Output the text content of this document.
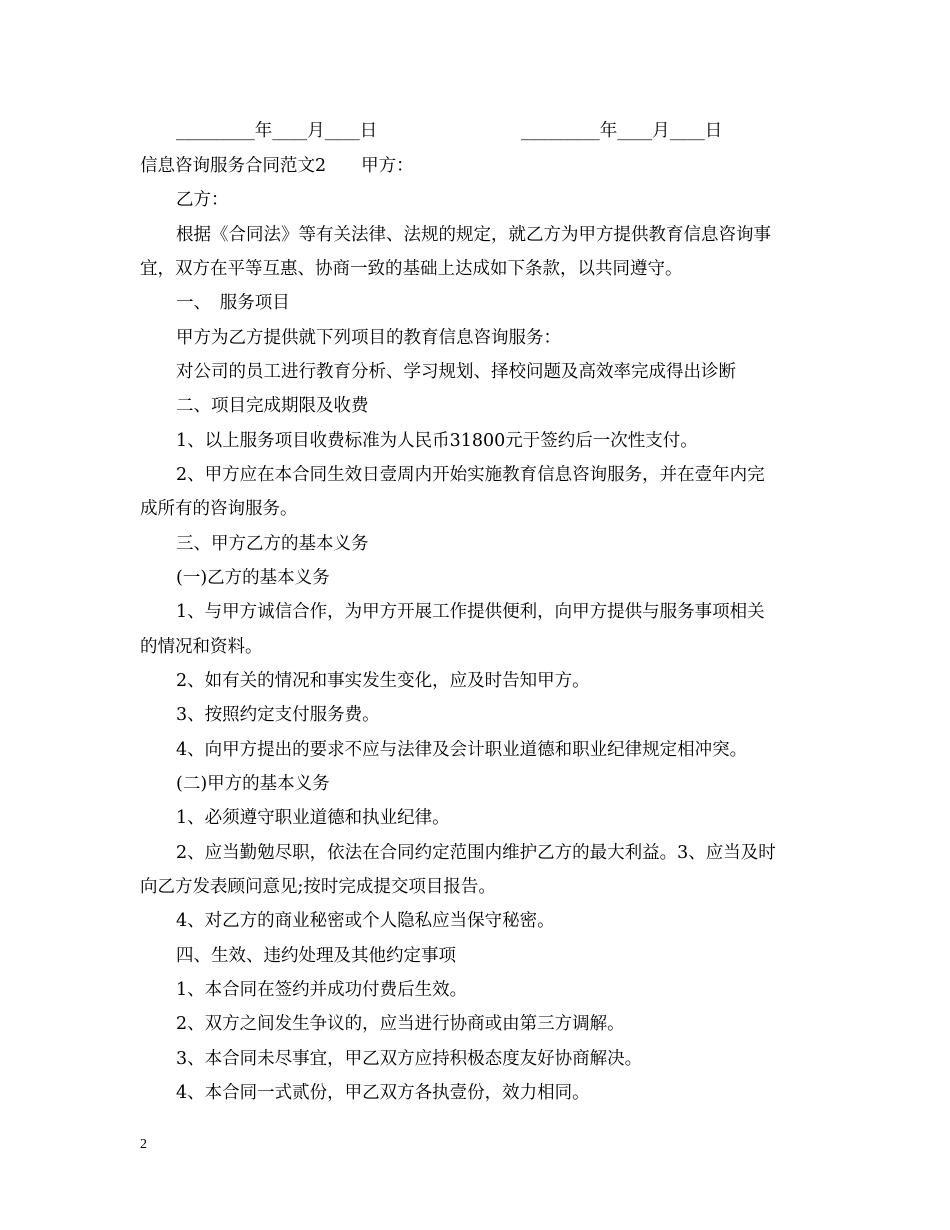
_________年____月____日	_________年____月____日
信息咨询服务合同范文2　　甲方：
乙方：
根据《合同法》等有关法律、法规的规定，就乙方为甲方提供教育信息咨询事
宜，双方在平等互惠、协商一致的基础上达成如下条款，以共同遵守。
一、　服务项目
甲方为乙方提供就下列项目的教育信息咨询服务：
对公司的员工进行教育分析、学习规划、择校问题及高效率完成得出诊断
二、项目完成期限及收费
1、以上服务项目收费标准为人民币31800元于签约后一次性支付。
2、甲方应在本合同生效日壹周内开始实施教育信息咨询服务，并在壹年内完
成所有的咨询服务。
三、甲方乙方的基本义务
(一)乙方的基本义务
1、与甲方诚信合作，为甲方开展工作提供便利，向甲方提供与服务事项相关
的情况和资料。
2、如有关的情况和事实发生变化，应及时告知甲方。
3、按照约定支付服务费。
4、向甲方提出的要求不应与法律及会计职业道德和职业纪律规定相冲突。
(二)甲方的基本义务
1、必须遵守职业道德和执业纪律。
2、应当勤勉尽职，依法在合同约定范围内维护乙方的最大利益。3、应当及时
向乙方发表顾问意见;按时完成提交项目报告。
4、对乙方的商业秘密或个人隐私应当保守秘密。
四、生效、违约处理及其他约定事项
1、本合同在签约并成功付费后生效。
2、双方之间发生争议的，应当进行协商或由第三方调解。
3、本合同未尽事宜，甲乙双方应持积极态度友好协商解决。
4、本合同一式贰份，甲乙双方各执壹份，效力相同。
2
